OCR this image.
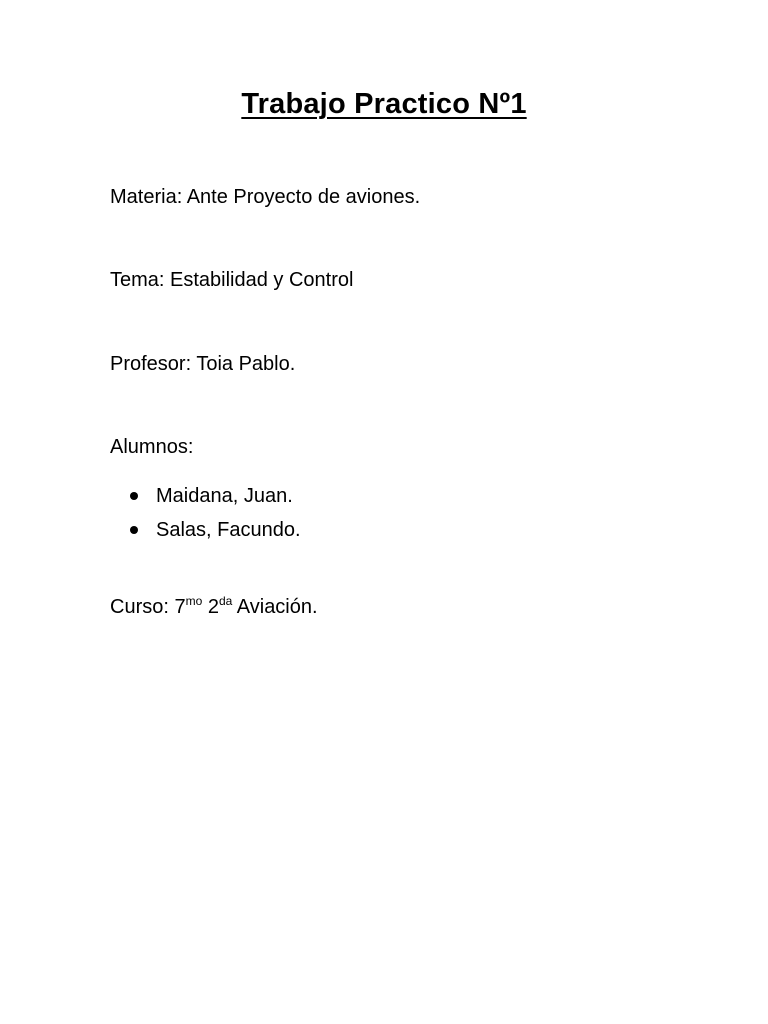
Trabajo Practico Nº1

Materia: Ante Proyecto de aviones.

Tema: Estabilidad y Control

Profesor: Toia Pablo.

Alumnos:

Maidana, Juan.
Salas, Facundo.

Curso: $7^{mo}$ $2^{da}$ Aviación.
